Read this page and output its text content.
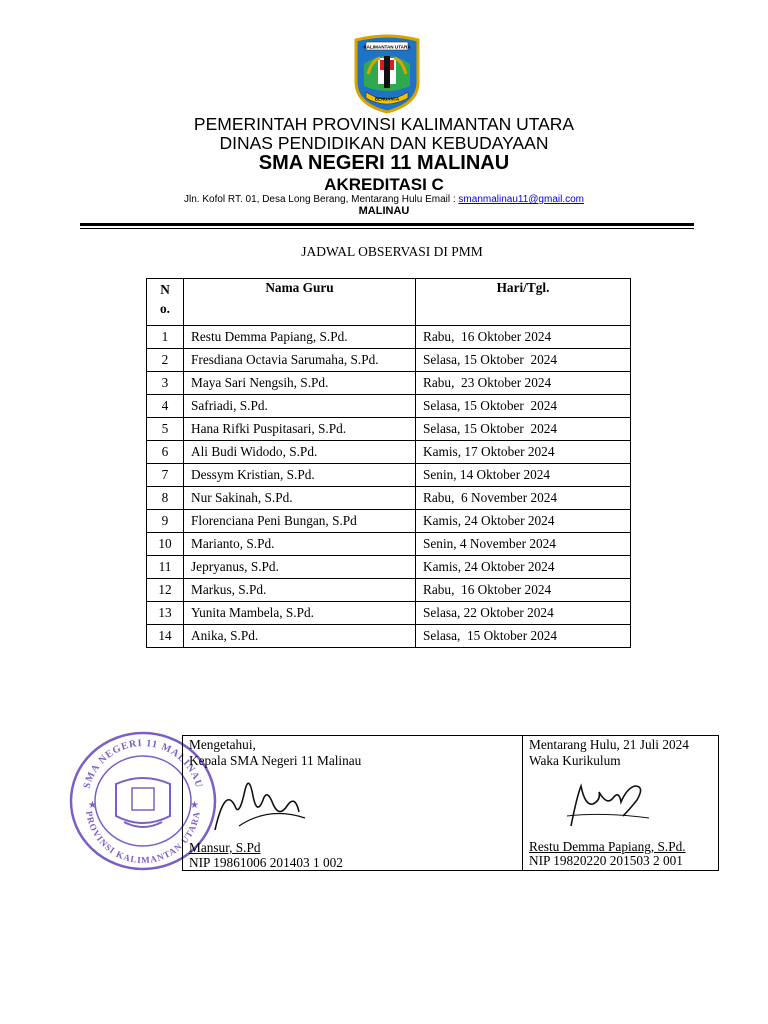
KALIMANTAN UTARA
BENUANTA
PEMERINTAH PROVINSI KALIMANTAN UTARA
DINAS PENDIDIKAN DAN KEBUDAYAAN
SMA NEGERI 11 MALINAU
AKREDITASI C
Jln. Kofol RT. 01, Desa Long Berang, Mentarang Hulu Email : smanmalinau11@gmail.com
MALINAU
JADWAL OBSERVASI DI PMM
No.	Nama Guru	Hari/Tgl.
1	Restu Demma Papiang, S.Pd.	Rabu,  16 Oktober 2024
2	Fresdiana Octavia Sarumaha, S.Pd.	Selasa, 15 Oktober  2024
3	Maya Sari Nengsih, S.Pd.	Rabu,  23 Oktober 2024
4	Safriadi, S.Pd.	Selasa, 15 Oktober  2024
5	Hana Rifki Puspitasari, S.Pd.	Selasa, 15 Oktober  2024
6	Ali Budi Widodo, S.Pd.	Kamis, 17 Oktober 2024
7	Dessym Kristian, S.Pd.	Senin, 14 Oktober 2024
8	Nur Sakinah, S.Pd.	Rabu,  6 November 2024
9	Florenciana Peni Bungan, S.Pd	Kamis, 24 Oktober 2024
10	Marianto, S.Pd.	Senin, 4 November 2024
11	Jepryanus, S.Pd.	Kamis, 24 Oktober 2024
12	Markus, S.Pd.	Rabu,  16 Oktober 2024
13	Yunita Mambela, S.Pd.	Selasa, 22 Oktober 2024
14	Anika, S.Pd.	Selasa,  15 Oktober 2024
SMA NEGERI 11 MALINAU
PROVINSI KALIMANTAN UTARA
★	★
Mengetahui,
Kepala SMA Negeri 11 Malinau
Mansur, S.Pd
NIP 19861006 201403 1 002
Mentarang Hulu, 21 Juli 2024
Waka Kurikulum
Restu Demma Papiang, S.Pd.
NIP 19820220 201503 2 001
